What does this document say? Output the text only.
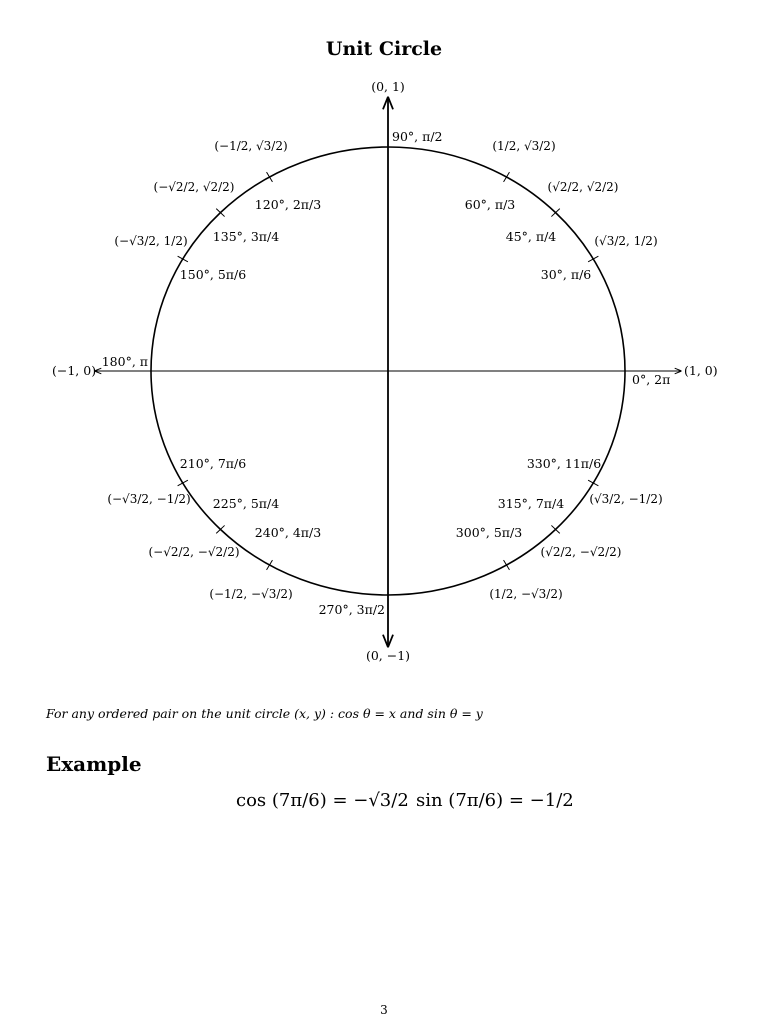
Unit Circle
(0, 1)
(0, −1)
(−1, 0)	(1, 0)
0°, 2π
30°, π/6
45°, π/4
60°, π/3
90°, π/2
120°, 2π/3
135°, 3π/4
150°, 5π/6
180°, π
210°, 7π/6
225°, 5π/4
240°, 4π/3
270°, 3π/2
300°, 5π/3
315°, 7π/4
330°, 11π/6
(√3/2, 1/2)
(√2/2, √2/2)
(1/2, √3/2)
(−1/2, √3/2)
(−√2/2, √2/2)
(−√3/2, 1/2)
(−√3/2, −1/2)
(−√2/2, −√2/2)
(−1/2, −√3/2)	(1/2, −√3/2)
(√2/2, −√2/2)
(√3/2, −1/2)
For any ordered pair on the unit circle (x, y) : cos θ = x and sin θ = y
Example
cos (7π/6) = −√3/2 sin (7π/6) = −1/2
3
